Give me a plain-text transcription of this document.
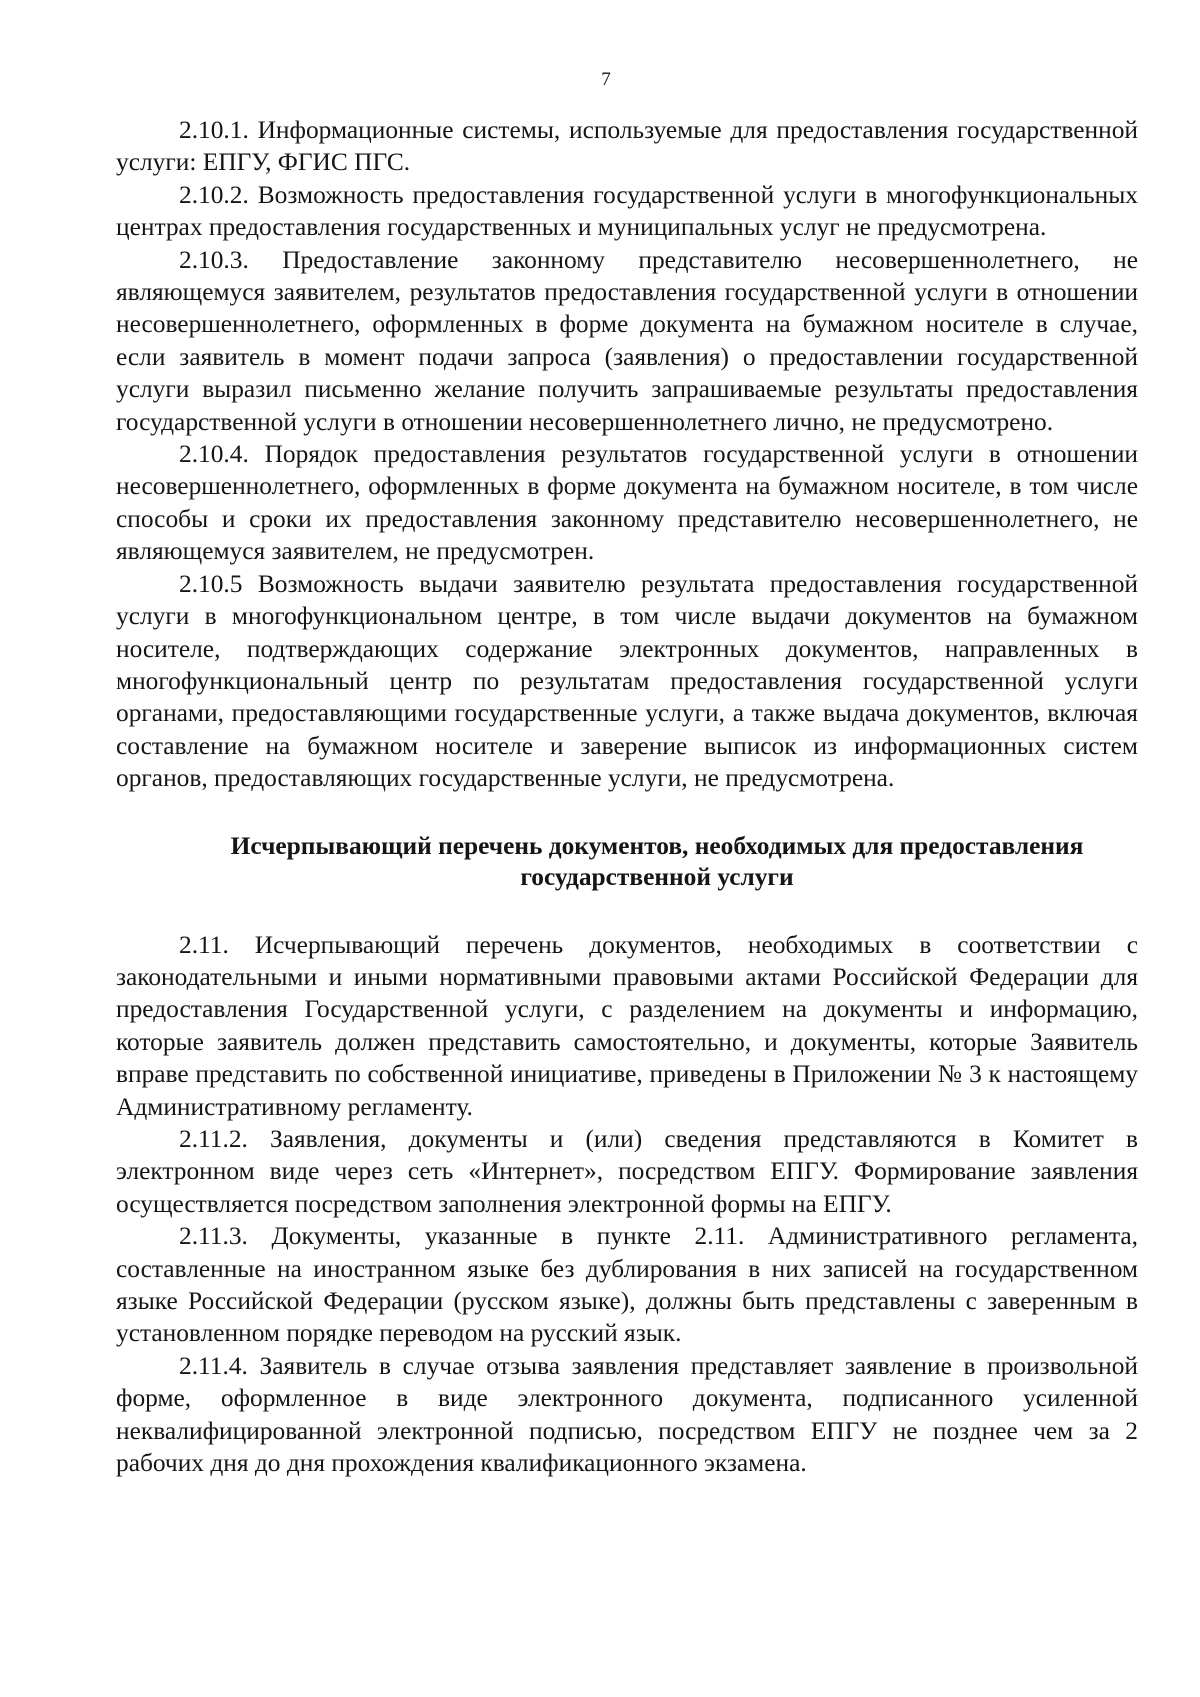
7

2.10.1. Информационные системы, используемые для предоставления государственной услуги: ЕПГУ, ФГИС ПГС.

2.10.2. Возможность предоставления государственной услуги в многофункциональных центрах предоставления государственных и муниципальных услуг не предусмотрена.

2.10.3. Предоставление законному представителю несовершеннолетнего, не являющемуся заявителем, результатов предоставления государственной услуги в отношении несовершеннолетнего, оформленных в форме документа на бумажном носителе в случае, если заявитель в момент подачи запроса (заявления) о предоставлении государственной услуги выразил письменно желание получить запрашиваемые результаты предоставления государственной услуги в отношении несовершеннолетнего лично, не предусмотрено.

2.10.4. Порядок предоставления результатов государственной услуги в отношении несовершеннолетнего, оформленных в форме документа на бумажном носителе, в том числе способы и сроки их предоставления законному представителю несовершеннолетнего, не являющемуся заявителем, не предусмотрен.

2.10.5 Возможность выдачи заявителю результата предоставления государственной услуги в многофункциональном центре, в том числе выдачи документов на бумажном носителе, подтверждающих содержание электронных документов, направленных в многофункциональный центр по результатам предоставления государственной услуги органами, предоставляющими государственные услуги, а также выдача документов, включая составление на бумажном носителе и заверение выписок из информационных систем органов, предоставляющих государственные услуги, не предусмотрена.

Исчерпывающий перечень документов, необходимых для предоставления
государственной услуги

2.11. Исчерпывающий перечень документов, необходимых в соответствии с законодательными и иными нормативными правовыми актами Российской Федерации для предоставления Государственной услуги, с разделением на документы и информацию, которые заявитель должен представить самостоятельно, и документы, которые Заявитель вправе представить по собственной инициативе, приведены в Приложении № 3 к настоящему Административному регламенту.

2.11.2. Заявления, документы и (или) сведения представляются в Комитет в электронном виде через сеть «Интернет», посредством ЕПГУ. Формирование заявления осуществляется посредством заполнения электронной формы на ЕПГУ.

2.11.3. Документы, указанные в пункте 2.11. Административного регламента, составленные на иностранном языке без дублирования в них записей на государственном языке Российской Федерации (русском языке), должны быть представлены с заверенным в установленном порядке переводом на русский язык.

2.11.4. Заявитель в случае отзыва заявления представляет заявление в произвольной форме, оформленное в виде электронного документа, подписанного усиленной неквалифицированной электронной подписью, посредством ЕПГУ не позднее чем за 2 рабочих дня до дня прохождения квалификационного экзамена.
